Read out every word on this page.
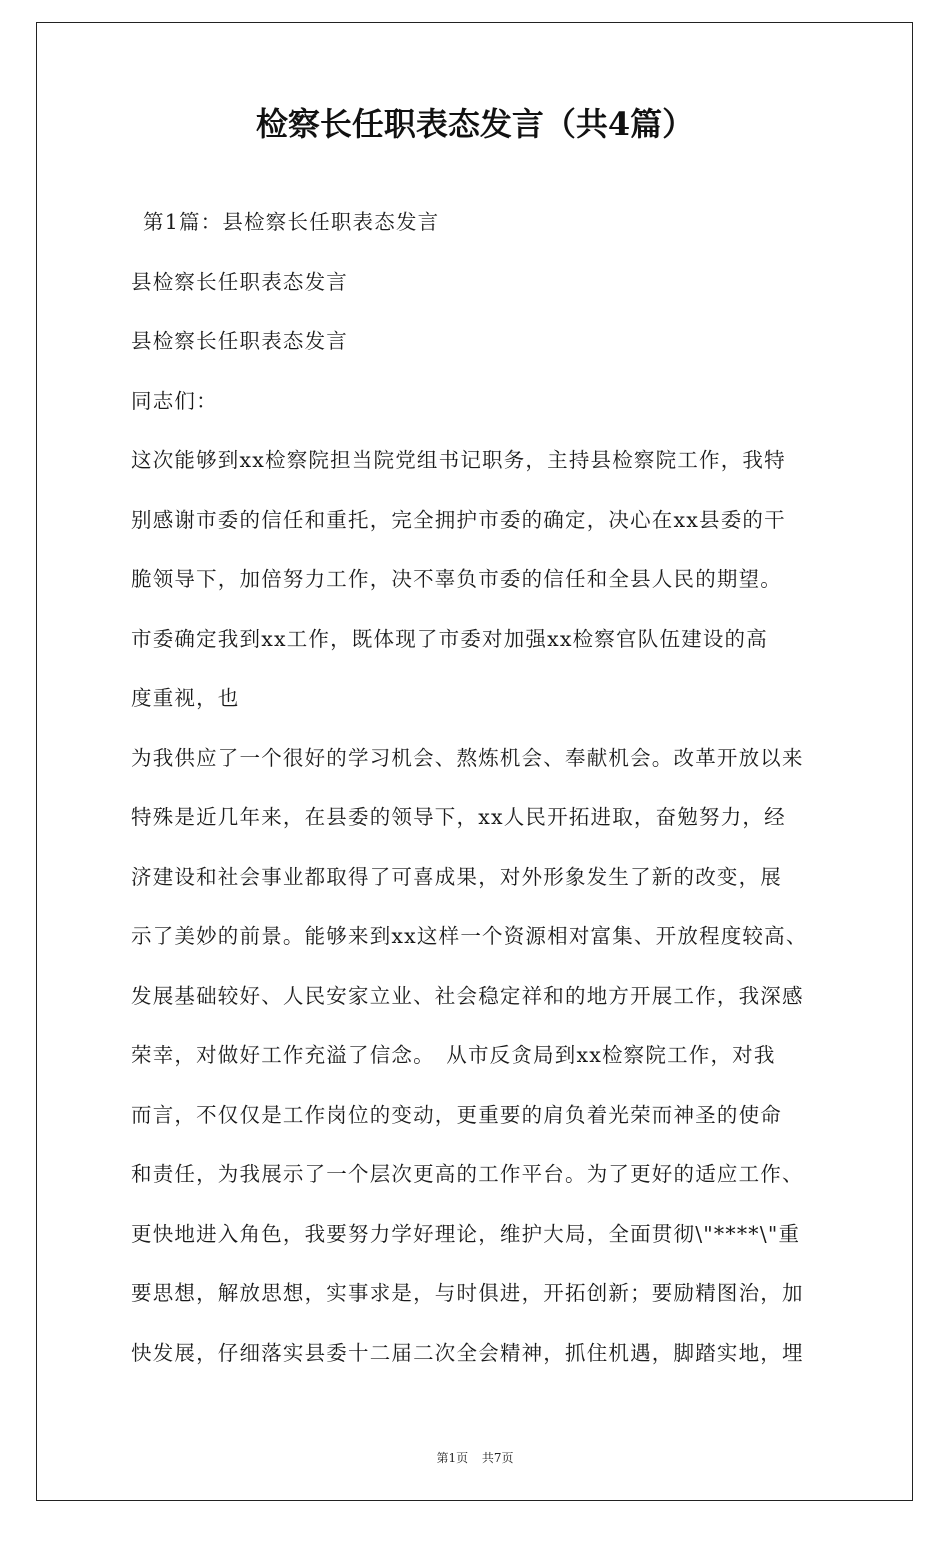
检察长任职表态发言（共4篇）
第1篇：县检察长任职表态发言
县检察长任职表态发言
县检察长任职表态发言
同志们：
这次能够到xx检察院担当院党组书记职务，主持县检察院工作，我特
别感谢市委的信任和重托，完全拥护市委的确定，决心在xx县委的干
脆领导下，加倍努力工作，决不辜负市委的信任和全县人民的期望。
市委确定我到xx工作，既体现了市委对加强xx检察官队伍建设的高
度重视，也
为我供应了一个很好的学习机会、熬炼机会、奉献机会。改革开放以来
特殊是近几年来，在县委的领导下，xx人民开拓进取，奋勉努力，经
济建设和社会事业都取得了可喜成果，对外形象发生了新的改变，展
示了美妙的前景。能够来到xx这样一个资源相对富集、开放程度较高、
发展基础较好、人民安家立业、社会稳定祥和的地方开展工作，我深感
荣幸，对做好工作充溢了信念。　从市反贪局到xx检察院工作，对我
而言，不仅仅是工作岗位的变动，更重要的肩负着光荣而神圣的使命
和责任，为我展示了一个层次更高的工作平台。为了更好的适应工作、
更快地进入角色，我要努力学好理论，维护大局，全面贯彻\"****\"重
要思想，解放思想，实事求是，与时俱进，开拓创新；要励精图治，加
快发展，仔细落实县委十二届二次全会精神，抓住机遇，脚踏实地，埋
第1页 共7页
